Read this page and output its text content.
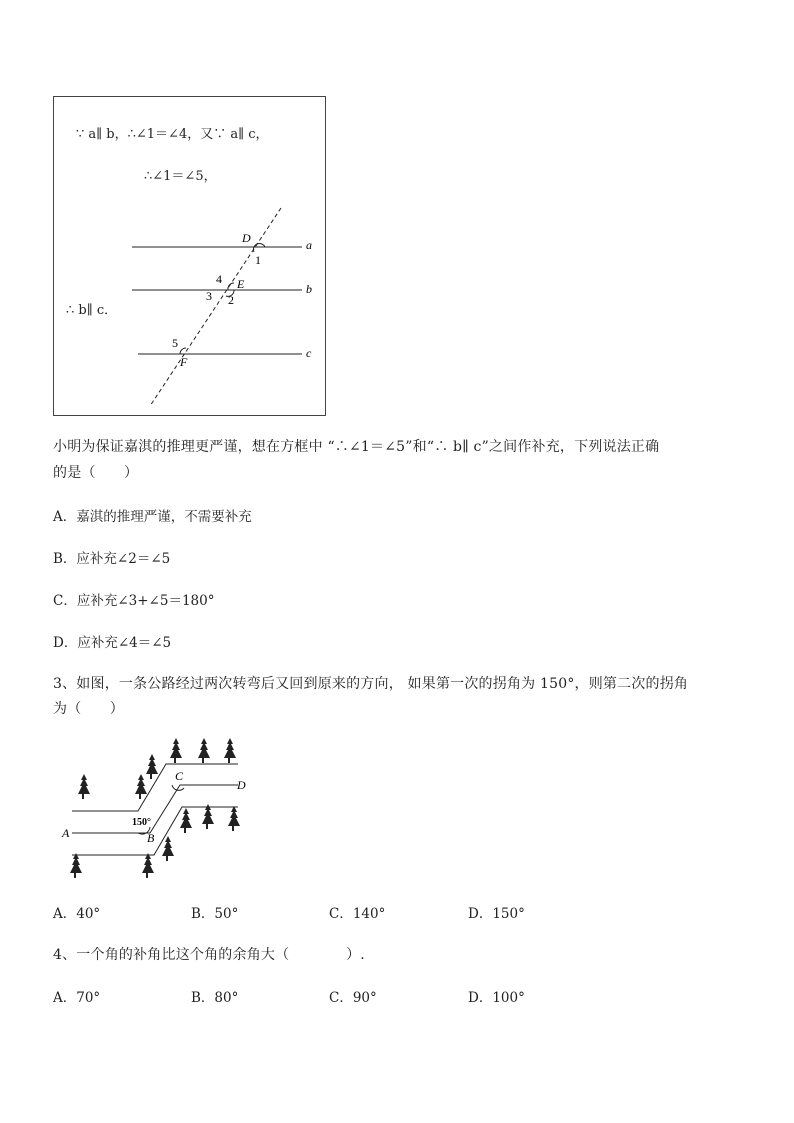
∵ a∥ b，∴∠1＝∠4，又∵ a∥ c，
∴∠1＝∠5，
∴ b∥ c．
D
1
a
4 E	b
3 2
5
F
c
小明为保证嘉淇的推理更严谨，想在方框中 “∴∠1＝∠5”和“∴ b∥ c”之间作补充，下列说法正确
的是（　　）
A．嘉淇的推理严谨，不需要补充
B．应补充∠2＝∠5
C．应补充∠3+∠5＝180°
D．应补充∠4＝∠5
3、如图，一条公路经过两次转弯后又回到原来的方向， 如果第一次的拐角为 150°，则第二次的拐角
为（　　）
A	B
C
D
150°
A．40°	B．50°	C．140°	D．150°
4、一个角的补角比这个角的余角大（　　　　）.
A．70°	B．80°	C．90°	D．100°
